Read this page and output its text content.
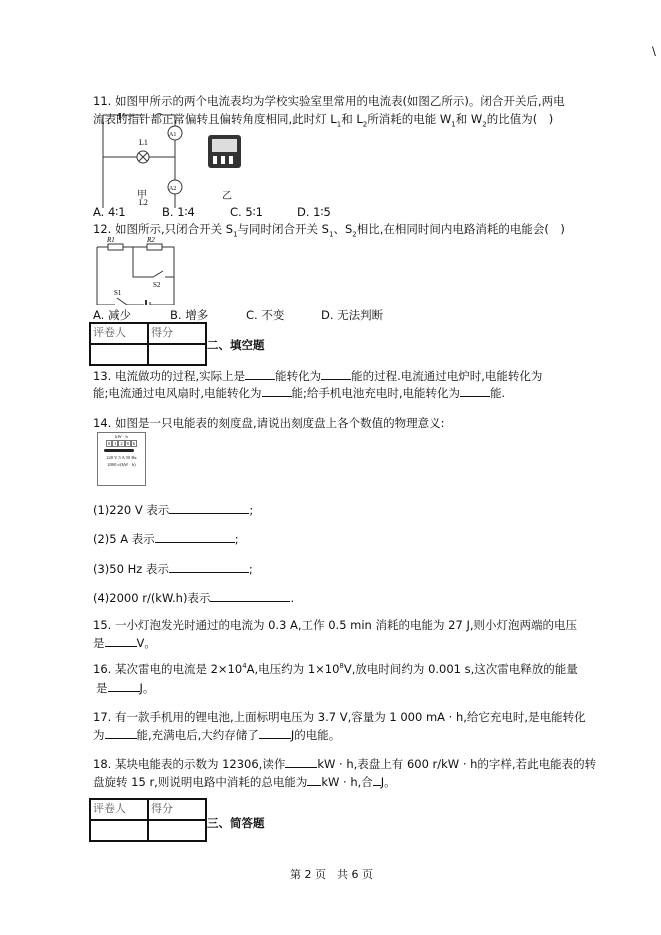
\
11. 如图甲所示的两个电流表均为学校实验室里常用的电流表(如图乙所示)。闭合开关后,两电
流表的指针都正常偏转且偏转角度相同,此时灯 $L_1$和 $L_2$所消耗的电能 $W_1$和 $W_2$的比值为(　)
L1
L2
A1
A2
甲	乙
A. 4∶1	B. 1∶4	C. 5∶1	D. 1∶5
12. 如图所示,只闭合开关 $S_1$与同时闭合开关 $S_1$、$S_2$相比,在相同时间内电路消耗的电能会(　)
R1	R2
S2
S1
A. 减少	B. 增多	C. 不变	D. 无法判断
评卷人	得分

二、填空题
13. 电流做功的过程,实际上是	能转化为	能的过程.电流通过电炉时,电能转化为
能;电流通过电风扇时,电能转化为	能;给手机电池充电时,电能转化为	能.
14. 如图是一只电能表的刻度盘,请说出刻度盘上各个数值的物理意义:
kW · h
0 1 2 8 6
220 V 5 A 50 Hz
2000 r/(kW · h)
(1)220 V 表示	;
(2)5 A 表示	;
(3)50 Hz 表示	;
(4)2000 r/(kW.h)表示	.
15. 一小灯泡发光时通过的电流为 0.3 A,工作 0.5 min 消耗的电能为 27 J,则小灯泡两端的电压
是	V。
16. 某次雷电的电流是 $2\times 10^4A$,电压约为 $1\times 10^8V$,放电时间约为 0.001 s,这次雷电释放的能量
是	J。
17. 有一款手机用的锂电池,上面标明电压为 3.7 V,容量为 1 000 mA · h,给它充电时,是电能转化
为	能,充满电后,大约存储了	J的电能。
18. 某块电能表的示数为 12306,读作	kW · h,表盘上有 600 r/kW · h的字样,若此电能表的转
盘旋转 15 r,则说明电路中消耗的总电能为 kW · h,合 J。
评卷人	得分

三、简答题
第 2 页　共 6 页
